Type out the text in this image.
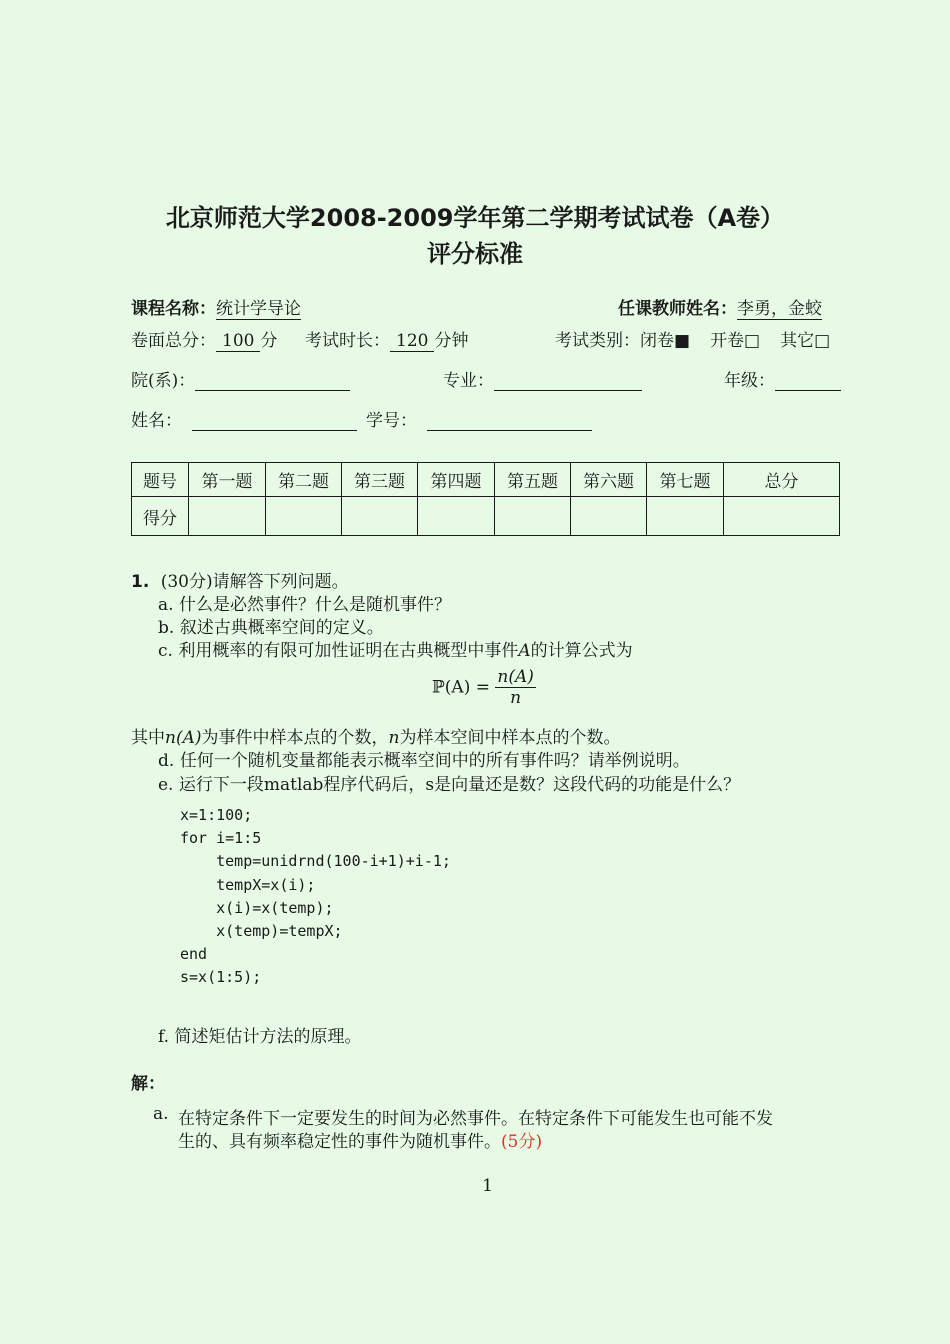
北京师范大学2008-2009学年第二学期考试试卷（A卷）
评分标准
课程名称：统计学导论	任课教师姓名：李勇，金蛟
卷面总分： 100 分 考试时长： 120 分钟	考试类别：闭卷■ 开卷□ 其它□
院(系)：	专业：	年级：
姓名：	学号：
题号	第一题	第二题	第三题	第四题	第五题	第六题	第七题	总分
得分								
1. (30分)请解答下列问题。
a. 什么是必然事件？什么是随机事件？
b. 叙述古典概率空间的定义。
c. 利用概率的有限可加性证明在古典概型中事件A的计算公式为
ℙ(A) = $\frac{n(A)}{n}$
其中n(A)为事件中样本点的个数，n为样本空间中样本点的个数。
d. 任何一个随机变量都能表示概率空间中的所有事件吗？请举例说明。
e. 运行下一段matlab程序代码后，s是向量还是数？这段代码的功能是什么？
x=1:100;
for i=1:5
temp=unidrnd(100-i+1)+i-1;
tempX=x(i);
x(i)=x(temp);
x(temp)=tempX;
end
s=x(1:5);
f. 简述矩估计方法的原理。
解：
a. 在特定条件下一定要发生的时间为必然事件。在特定条件下可能发生也可能不发
生的、具有频率稳定性的事件为随机事件。(5分)
1
